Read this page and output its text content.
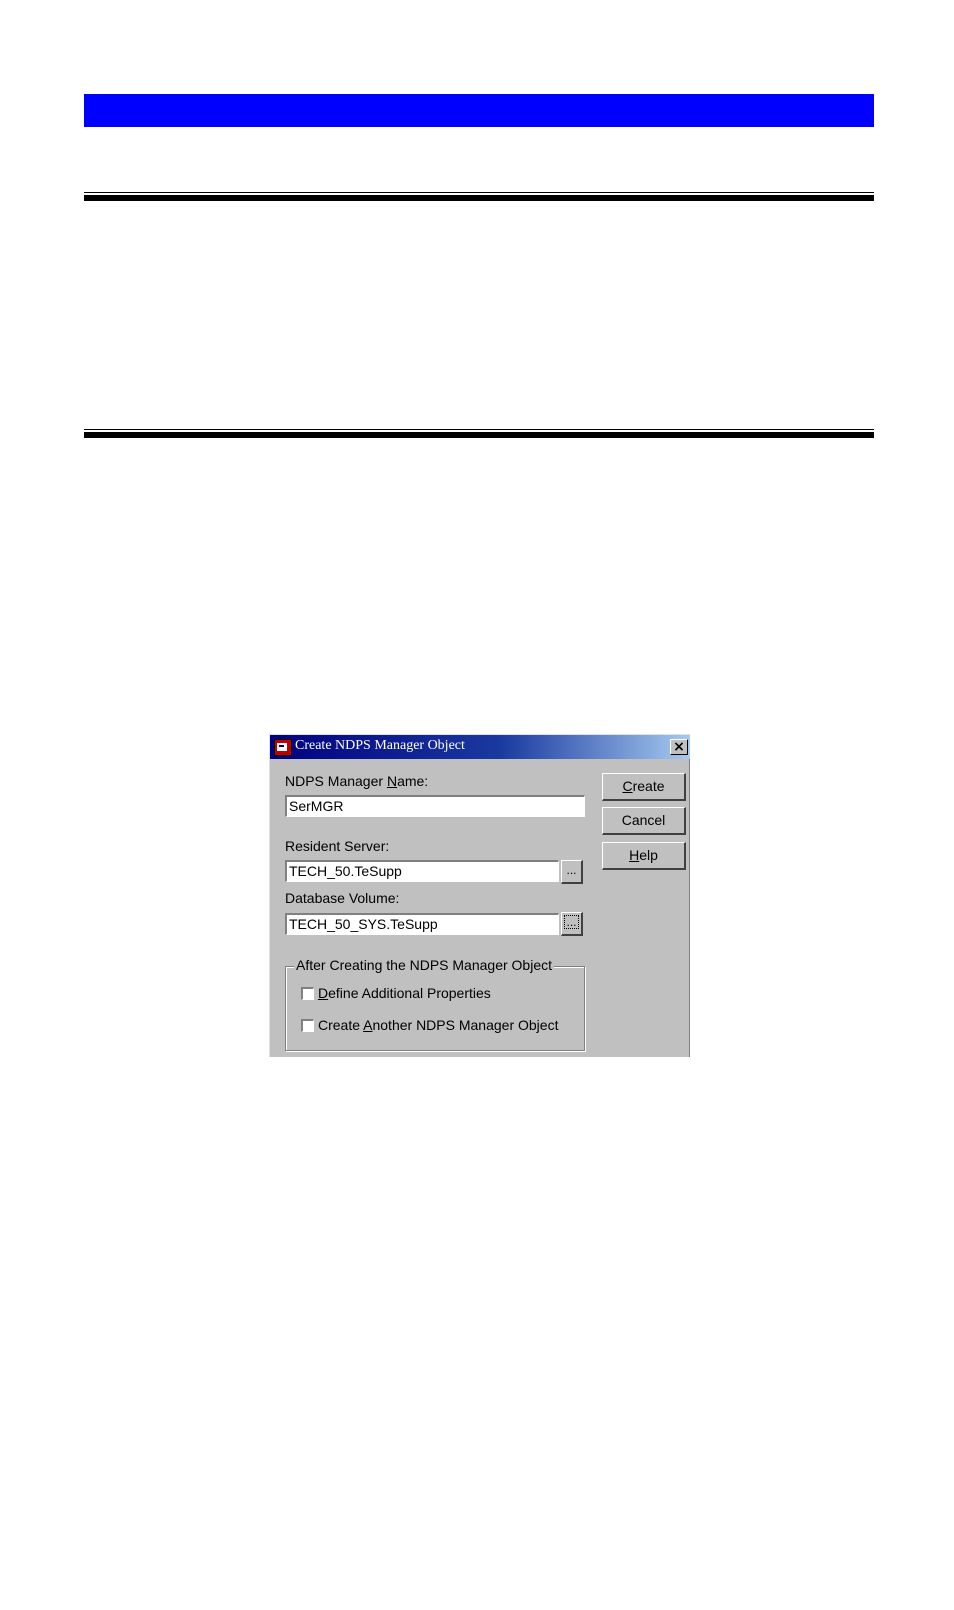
Create NDPS Manager Object	×
NDPS Manager Name:
SerMGR
Resident Server:
TECH_50.TeSupp	...
Database Volume:
TECH_50_SYS.TeSupp	...
Create
Cancel
Help
After Creating the NDPS Manager Object
Define Additional Properties
Create Another NDPS Manager Object
